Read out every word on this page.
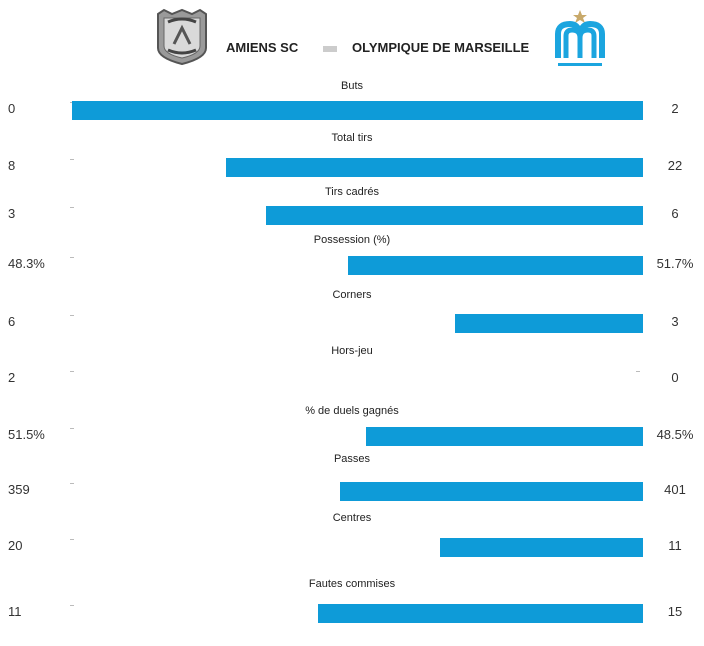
AMIENS SC	OLYMPIQUE DE MARSEILLE
Buts
0	2
Total tirs
8	22
Tirs cadrés
3	6
Possession (%)
48.3%	51.7%
Corners
6	3
Hors-jeu
2	0
% de duels gagnés
51.5%	48.5%
Passes
359	401
Centres
20	11
Fautes commises
11	15
